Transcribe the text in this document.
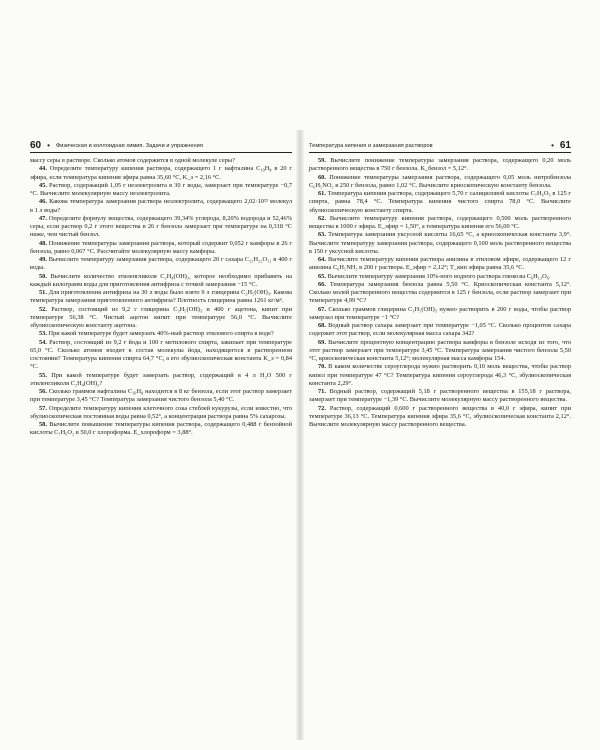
60 • Физическая и коллоидная химия. Задачи и упражнения

массу серы в растворе. Сколько атомов содержится в одной молекуле серы?

44. Определите температуру кипения раствора, содержащего 1 г нафталина C₁₀H₈ в 20 г эфира, если температура кипения эфира равна 35,60 °С, K_э = 2,16 °С.

45. Раствор, содержащий 1,05 г неэлектролита в 30 г воды, замерзает при температуре −0,7 °С. Вычислите молекулярную массу неэлектролита.

46. Какова температура замерзания раствора неэлектролита, содержащего 2,02·10²³ молекул в 1 л воды?

47. Определите формулу вещества, содержащего 39,34% углерода, 8,20% водорода и 52,46% серы, если раствор 0,2 г этого вещества в 26 г бензола замерзает при температуре на 0,318 °С ниже, чем чистый бензол.

48. Понижение температуры замерзания раствора, который содержит 0,052 г камфоры в 26 г бензола, равно 0,067 °С. Рассчитайте молекулярную массу камфоры.

49. Вычислите температуру замерзания раствора, содержащего 20 г сахара C₁₂H₂₂O₁₁ в 400 г воды.

50. Вычислите количество этиленгликоля C₂H₄(OH)₂, которое необходимо прибавить на каждый килограмм воды для приготовления антифриза с точкой замерзания −15 °С.

51. Для приготовления антифриза на 30 л воды было взято 9 л глицерина C₃H₅(OH)₃. Какова температура замерзания приготовленного антифриза? Плотность глицерина равна 1261 кг/м³.

52. Раствор, состоящий из 9,2 г глицерина C₃H₅(OH)₃ и 400 г ацетона, кипит при температуре 56,38 °С. Чистый ацетон кипит при температуре 56,0 °С. Вычислите эбулиоскопическую константу ацетона.

53. При какой температуре будет замерзать 40%-ный раствор этилового спирта в воде?

54. Раствор, состоящий из 9,2 г йода и 100 г метилового спирта, закипает при температуре 65,0 °С. Сколько атомов входит в состав молекулы йода, находящегося в растворенном состоянии? Температура кипения спирта 64,7 °С, а его эбулиоскопическая константа K_э = 0,84 °С.

55. При какой температуре будет замерзать раствор, содержащий в 4 л H₂O 500 г этиленгликоля C₂H₄(OH)₂?

56. Сколько граммов нафталина C₁₀H₈ находится в 8 кг бензола, если этот раствор замерзает при температуре 3,45 °С? Температура замерзания чистого бензола 5,40 °С.

57. Определите температуру кипения клеточного сока стеблей кукурузы, если известно, что эбулиоскопическая постоянная воды равна 0,52°, а концентрация раствора равна 5% сахарозы.

58. Вычислите повышение температуры кипения раствора, содержащего 0,488 г бензойной кислоты C₇H₆O₂ в 50,0 г хлороформа. E_хлороформ = 3,88°.

Температура кипения и замерзания растворов	• 61

59. Вычислите понижение температуры замерзания раствора, содержащего 0,20 моль растворенного вещества в 750 г бензола. K_бензол = 5,12°.

60. Понижение температуры замерзания раствора, содержащего 0,05 моль нитробензола C₆H₅NO₂ в 250 г бензола, равно 1,02 °С. Вычислите криоскопическую константу бензола.

61. Температура кипения раствора, содержащего 5,70 г салициловой кислоты C₇H₆O₃ в 125 г спирта, равна 78,4 °С. Температура кипения чистого спирта 78,0 °С. Вычислите эбулиоскопическую константу спирта.

62. Вычислите температуру кипения раствора, содержащего 0,500 моль растворенного вещества в 1000 г эфира. E_эфир = 1,50°, а температура кипения его 56,00 °С.

63. Температура замерзания уксусной кислоты 16,65 °С, а криоскопическая константа 3,9°. Вычислите температуру замерзания раствора, содержащего 0,100 моль растворенного вещества в 150 г уксусной кислоты.

64. Вычислите температуру кипения раствора анилина в этиловом эфире, содержащего 12 г анилина C₆H₅NH₂ в 200 г раствора. E_эфир = 2,12°; T_кип эфира равна 35,6 °С.

65. Вычислите температуру замерзания 10%-ного водного раствора глюкозы C₆H₁₂O₆.

66. Температура замерзания бензола равна 5,50 °С. Криоскопическая константа 5,12°. Сколько молей растворенного вещества содержится в 125 г бензола, если раствор замерзает при температуре 4,99 °С?

67. Сколько граммов глицерина C₃H₅(OH)₃ нужно растворить в 200 г воды, чтобы раствор замерзал при температуре −1 °С?

68. Водный раствор сахара замерзает при температуре −1,05 °С. Сколько процентов сахара содержит этот раствор, если молекулярная масса сахара 342?

69. Вычислите процентную концентрацию раствора камфоры в бензоле исходя из того, что этот раствор замерзает при температуре 3,45 °С. Температура замерзания чистого бензола 5,50 °С, криоскопическая константа 5,12°; молекулярная масса камфоры 154.

70. В каком количестве сероуглерода нужно растворить 0,10 моль вещества, чтобы раствор кипел при температуре 47 °С? Температура кипения сероуглерода 46,3 °С, эбулиоскопическая константа 2,29°.

71. Водный раствор, содержащий 5,18 г растворенного вещества в 155,18 г раствора, замерзает при температуре −1,39 °С. Вычислите молекулярную массу растворенного вещества.

72. Раствор, содержащий 0,600 г растворенного вещества в 40,0 г эфира, кипит при температуре 36,13 °С. Температура кипения эфира 35,6 °С, эбулиоскопическая константа 2,12°. Вычислите молекулярную массу растворенного вещества.
